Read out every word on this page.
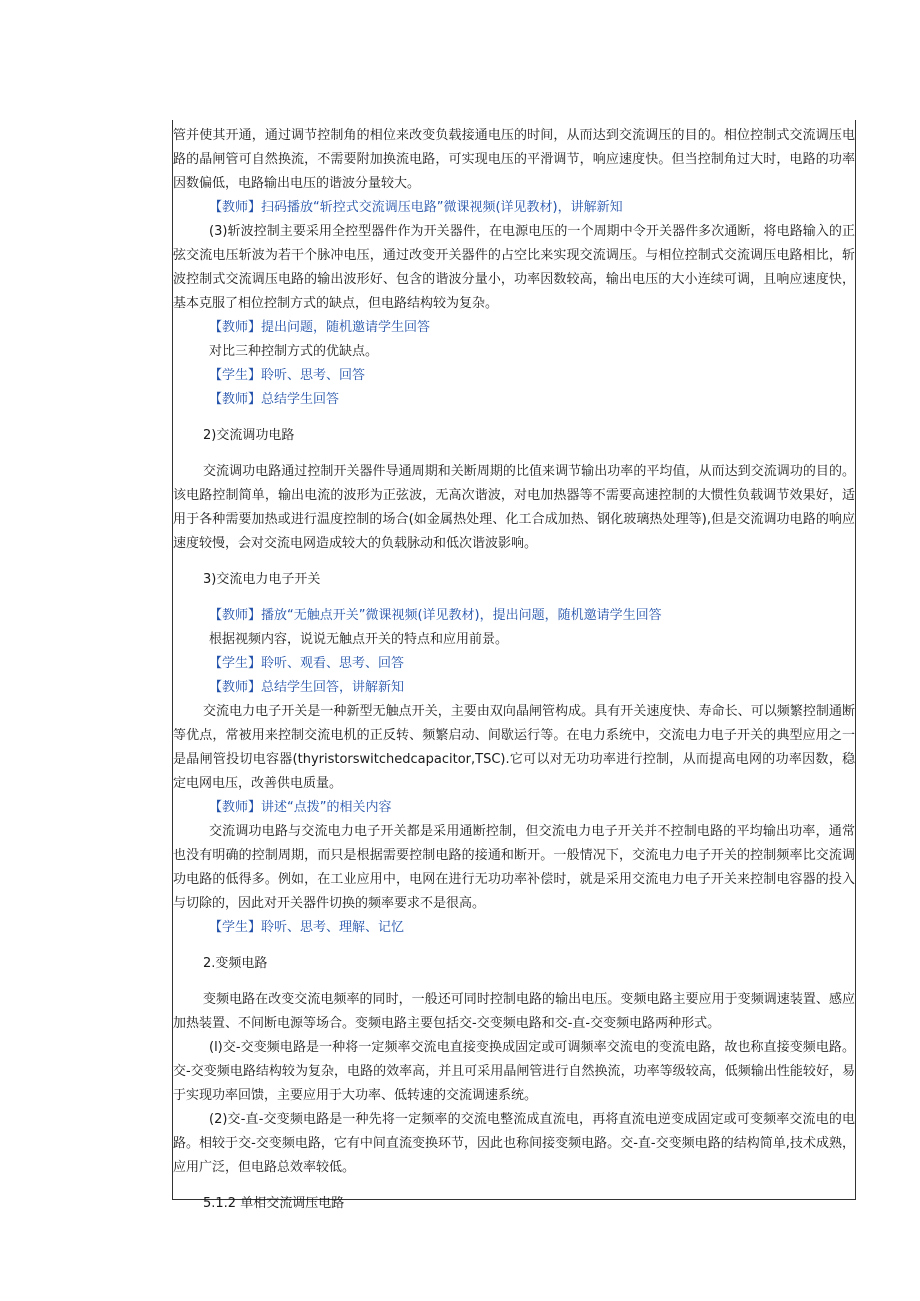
管并使其开通，通过调节控制角的相位来改变负载接通电压的时间，从而达到交流调压的目的。相位控制式交流调压电路的晶闸管可自然换流，不需要附加换流电路，可实现电压的平滑调节，响应速度快。但当控制角过大时，电路的功率因数偏低，电路输出电压的谐波分量较大。

【教师】扫码播放“斩控式交流调压电路”微课视频(详见教材)，讲解新知

(3)斩波控制主要采用全控型器件作为开关器件，在电源电压的一个周期中令开关器件多次通断，将电路输入的正弦交流电压斩波为若干个脉冲电压，通过改变开关器件的占空比来实现交流调压。与相位控制式交流调压电路相比，斩波控制式交流调压电路的输出波形好、包含的谐波分量小，功率因数较高，输出电压的大小连续可调，且响应速度快，基本克服了相位控制方式的缺点，但电路结构较为复杂。

【教师】提出问题，随机邀请学生回答

对比三种控制方式的优缺点。

【学生】聆听、思考、回答

【教师】总结学生回答

2)交流调功电路

交流调功电路通过控制开关器件导通周期和关断周期的比值来调节输出功率的平均值，从而达到交流调功的目的。该电路控制简单，输出电流的波形为正弦波，无高次谐波，对电加热器等不需要高速控制的大惯性负载调节效果好，适用于各种需要加热或进行温度控制的场合(如金属热处理、化工合成加热、钢化玻璃热处理等),但是交流调功电路的响应速度较慢，会对交流电网造成较大的负载脉动和低次谐波影响。

3)交流电力电子开关

【教师】播放“无触点开关”微课视频(详见教材)，提出问题，随机邀请学生回答

根据视频内容，说说无触点开关的特点和应用前景。

【学生】聆听、观看、思考、回答

【教师】总结学生回答，讲解新知

交流电力电子开关是一种新型无触点开关，主要由双向晶闸管构成。具有开关速度快、寿命长、可以频繁控制通断等优点，常被用来控制交流电机的正反转、频繁启动、间歇运行等。在电力系统中，交流电力电子开关的典型应用之一是晶闸管投切电容器(thyristorswitchedcapacitor,TSC).它可以对无功功率进行控制，从而提高电网的功率因数，稳定电网电压，改善供电质量。

【教师】讲述“点拨”的相关内容

交流调功电路与交流电力电子开关都是采用通断控制，但交流电力电子开关并不控制电路的平均输出功率，通常也没有明确的控制周期，而只是根据需要控制电路的接通和断开。一般情况下，交流电力电子开关的控制频率比交流调功电路的低得多。例如，在工业应用中，电网在进行无功功率补偿时，就是采用交流电力电子开关来控制电容器的投入与切除的，因此对开关器件切换的频率要求不是很高。

【学生】聆听、思考、理解、记忆

2.变频电路

变频电路在改变交流电频率的同时，一般还可同时控制电路的输出电压。变频电路主要应用于变频调速装置、感应加热装置、不间断电源等场合。变频电路主要包括交-交变频电路和交-直-交变频电路两种形式。

(l)交-交变频电路是一种将一定频率交流电直接变换成固定或可调频率交流电的变流电路，故也称直接变频电路。交-交变频电路结构较为复杂，电路的效率高，并且可采用晶闸管进行自然换流，功率等级较高，低频输出性能较好，易于实现功率回馈，主要应用于大功率、低转速的交流调速系统。

(2)交-直-交变频电路是一种先将一定频率的交流电整流成直流电，再将直流电逆变成固定或可变频率交流电的电路。相较于交-交变频电路，它有中间直流变换环节，因此也称间接变频电路。交-直-交变频电路的结构简单,技术成熟，应用广泛，但电路总效率较低。

5.1.2 单相交流调压电路
